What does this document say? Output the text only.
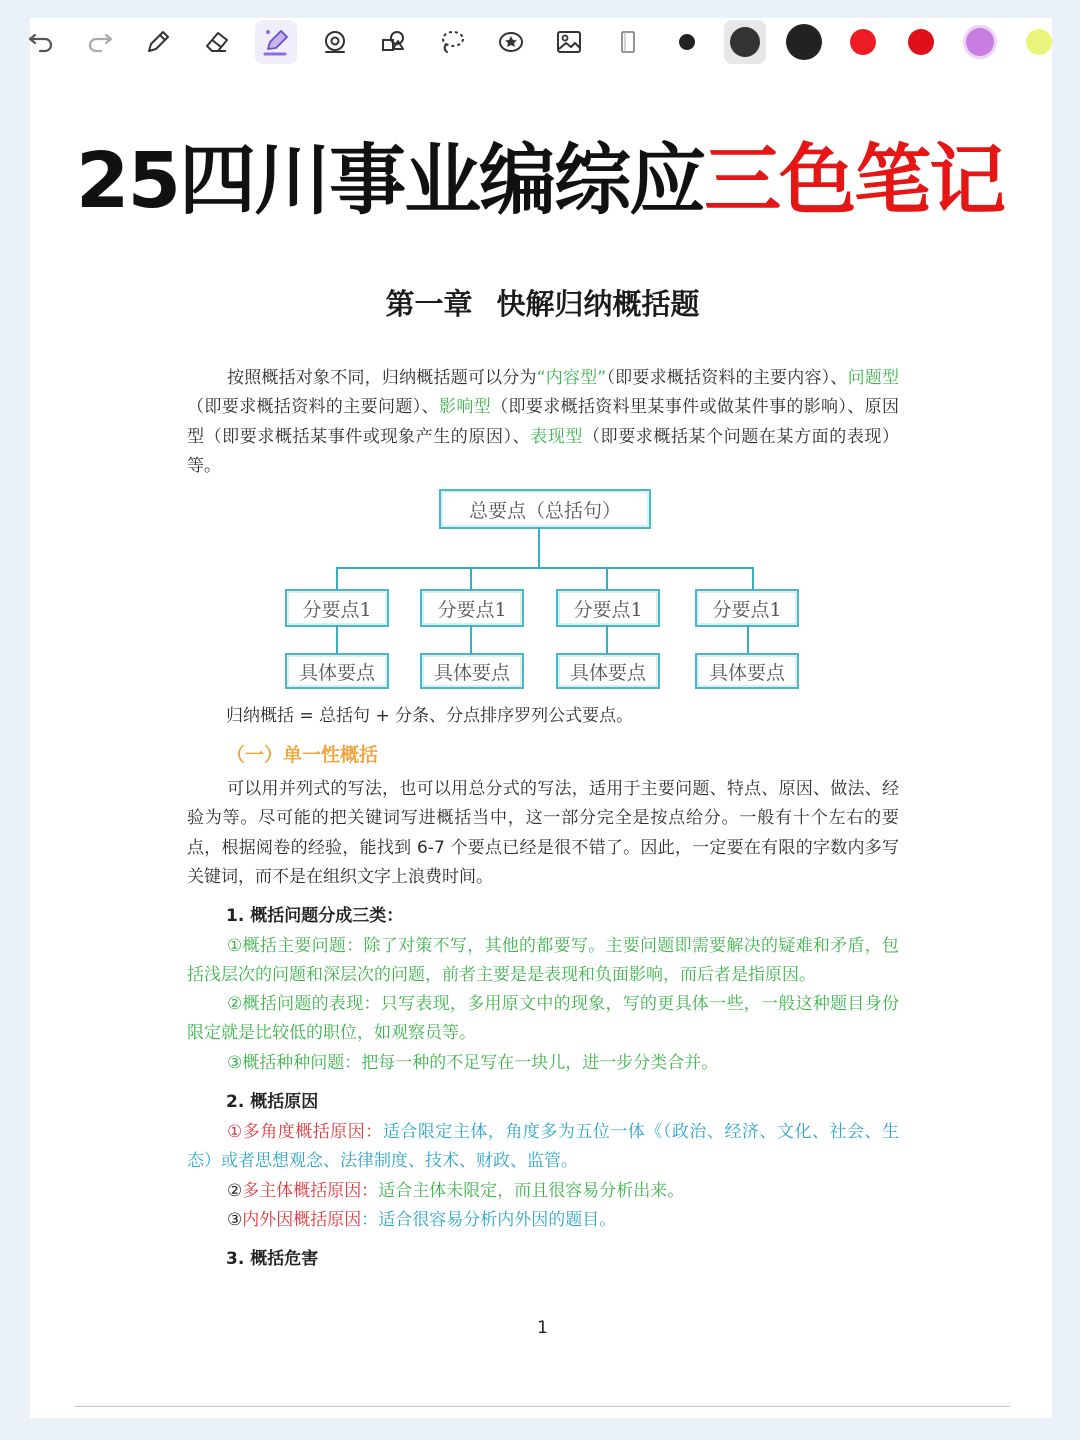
25四川事业编综应三色笔记
第一章 快解归纳概括题
按照概括对象不同，归纳概括题可以分为“内容型”（即要求概括资料的主要内容）、问题型（即要求概括资料的主要问题）、影响型（即要求概括资料里某事件或做某件事的影响）、原因型（即要求概括某事件或现象产生的原因）、表现型（即要求概括某个问题在某方面的表现）等。
总要点（总括句）
分要点1	分要点1	分要点1	分要点1
具体要点	具体要点	具体要点	具体要点
归纳概括 = 总括句 + 分条、分点排序罗列公式要点。
（一）单一性概括
可以用并列式的写法，也可以用总分式的写法，适用于主要问题、特点、原因、做法、经验为等。尽可能的把关键词写进概括当中，这一部分完全是按点给分。一般有十个左右的要点，根据阅卷的经验，能找到 6-7 个要点已经是很不错了。因此，一定要在有限的字数内多写关键词，而不是在组织文字上浪费时间。
1. 概括问题分成三类：
①概括主要问题：除了对策不写，其他的都要写。主要问题即需要解决的疑难和矛盾，包括浅层次的问题和深层次的问题，前者主要是是表现和负面影响，而后者是指原因。
②概括问题的表现：只写表现，多用原文中的现象，写的更具体一些，一般这种题目身份限定就是比较低的职位，如观察员等。
③概括种种问题：把每一种的不足写在一块儿，进一步分类合并。
2. 概括原因
①多角度概括原因：适合限定主体，角度多为五位一体《（政治、经济、文化、社会、生态）或者思想观念、法律制度、技术、财政、监管。
②多主体概括原因：适合主体未限定，而且很容易分析出来。
③内外因概括原因：适合很容易分析内外因的题目。
3. 概括危害
1
